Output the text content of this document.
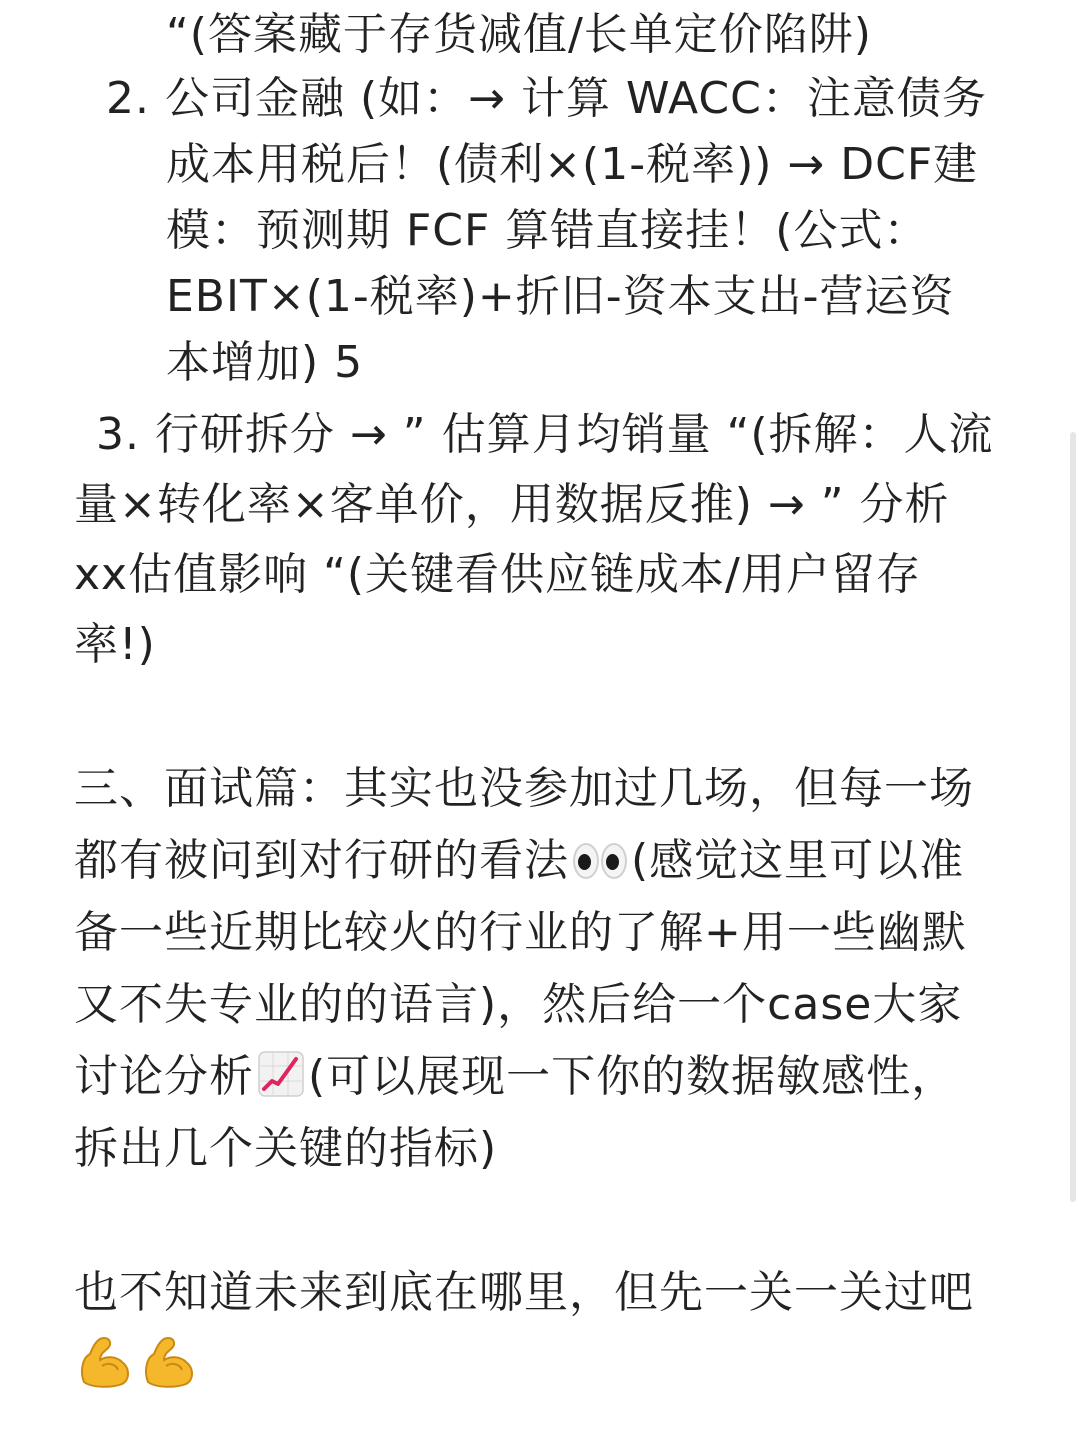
“(答案藏于存货减值/长单定价陷阱)
2. 公司金融 (如：→ 计算 WACC：注意债务
成本用税后！(债利×(1-税率)) → DCF建
模：预测期 FCF 算错直接挂！(公式：
EBIT×(1-税率)+折旧-资本支出-营运资
本增加) 5
3. 行研拆分 → ” 估算月均销量 “(拆解：人流
量×转化率×客单价，用数据反推) → ” 分析
xx估值影响 “(关键看供应链成本/用户留存
率!)
三、面试篇：其实也没参加过几场，但每一场
都有被问到对行研的看法 (感觉这里可以准
备一些近期比较火的行业的了解+用一些幽默
又不失专业的的语言)，然后给一个case大家
讨论分析 (可以展现一下你的数据敏感性，
拆出几个关键的指标)
也不知道未来到底在哪里，但先一关一关过吧
